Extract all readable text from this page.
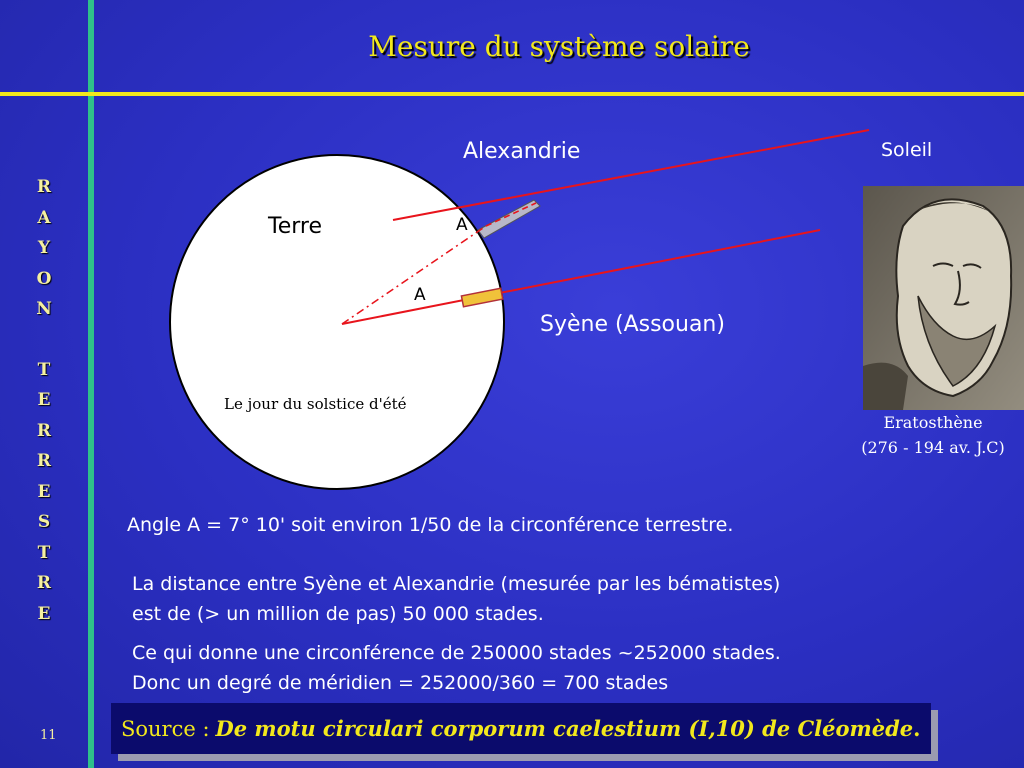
Mesure du système solaire
R
A
Y
O
N
T
E
R
R
E
S
T
R
E
11
Terre	A
A
Le jour du solstice d'été
Alexandrie	Soleil
Syène (Assouan)
Eratosthène
(276 - 194 av. J.C)
Angle A = 7° 10' soit environ 1/50 de la circonférence terrestre.
La distance entre Syène et Alexandrie (mesurée par les bématistes)
est de (> un million de pas) 50 000 stades.
Ce qui donne une circonférence de 250000 stades ~252000 stades.
Donc un degré de méridien = 252000/360 = 700 stades
Source : De motu circulari corporum caelestium (I,10) de Cléomède .
